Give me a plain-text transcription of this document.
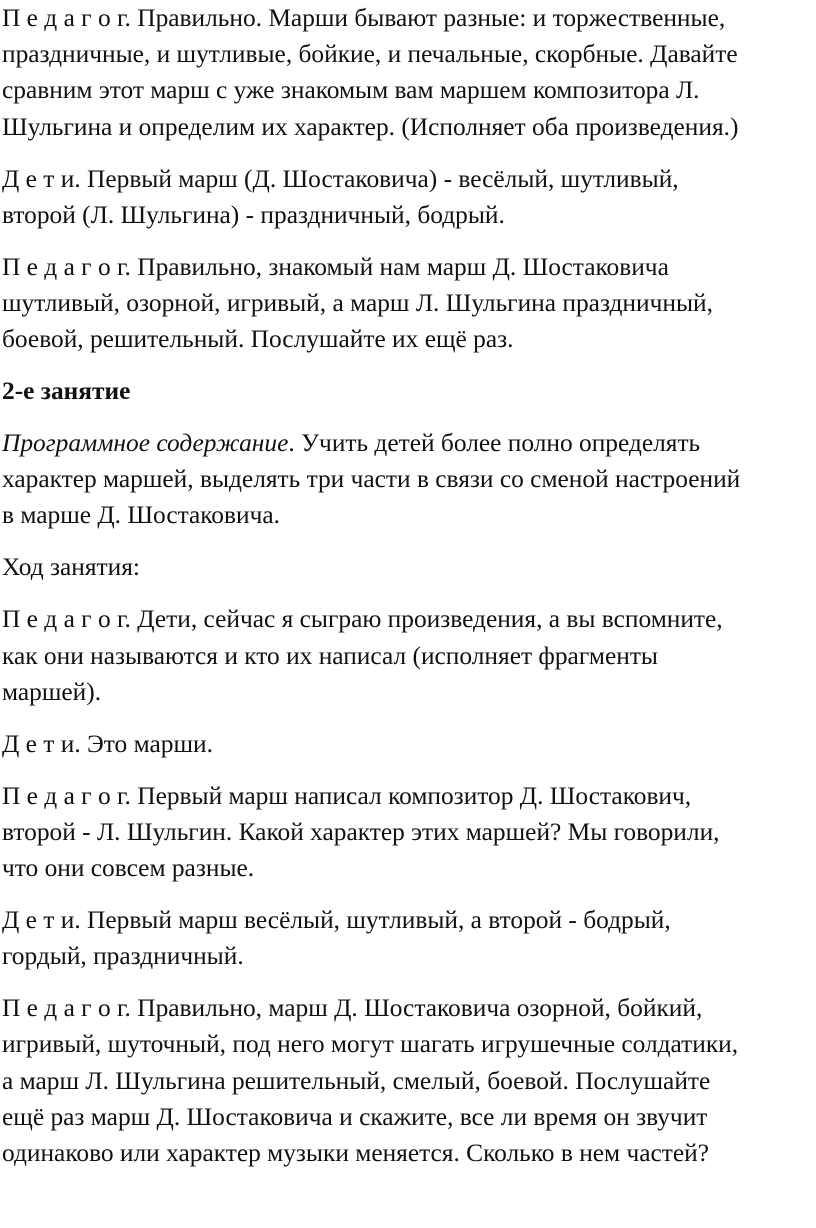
П е д а г о г. Правильно. Марши бывают разные: и торжественные,
праздничные, и шутливые, бойкие, и печальные, скорбные. Давайте
сравним этот марш с уже знакомым вам маршем композитора Л.
Шульгина и определим их характер. (Исполняет оба произведения.)
Д е т и. Первый марш (Д. Шостаковича) - весёлый, шутливый,
второй (Л. Шульгина) - праздничный, бодрый.
П е д а г о г. Правильно, знакомый нам марш Д. Шостаковича
шутливый, озорной, игривый, а марш Л. Шульгина праздничный,
боевой, решительный. Послушайте их ещё раз.
2-е занятие
Программное содержание. Учить детей более полно определять
характер маршей, выделять три части в связи со сменой настроений
в марше Д. Шостаковича.
Ход занятия:
П е д а г о г. Дети, сейчас я сыграю произведения, а вы вспомните,
как они называются и кто их написал (исполняет фрагменты
маршей).
Д е т и. Это марши.
П е д а г о г. Первый марш написал композитор Д. Шостакович,
второй - Л. Шульгин. Какой характер этих маршей? Мы говорили,
что они совсем разные.
Д е т и. Первый марш весёлый, шутливый, а второй - бодрый,
гордый, праздничный.
П е д а г о г. Правильно, марш Д. Шостаковича озорной, бойкий,
игривый, шуточный, под него могут шагать игрушечные солдатики,
а марш Л. Шульгина решительный, смелый, боевой. Послушайте
ещё раз марш Д. Шостаковича и скажите, все ли время он звучит
одинаково или характер музыки меняется. Сколько в нем частей?
